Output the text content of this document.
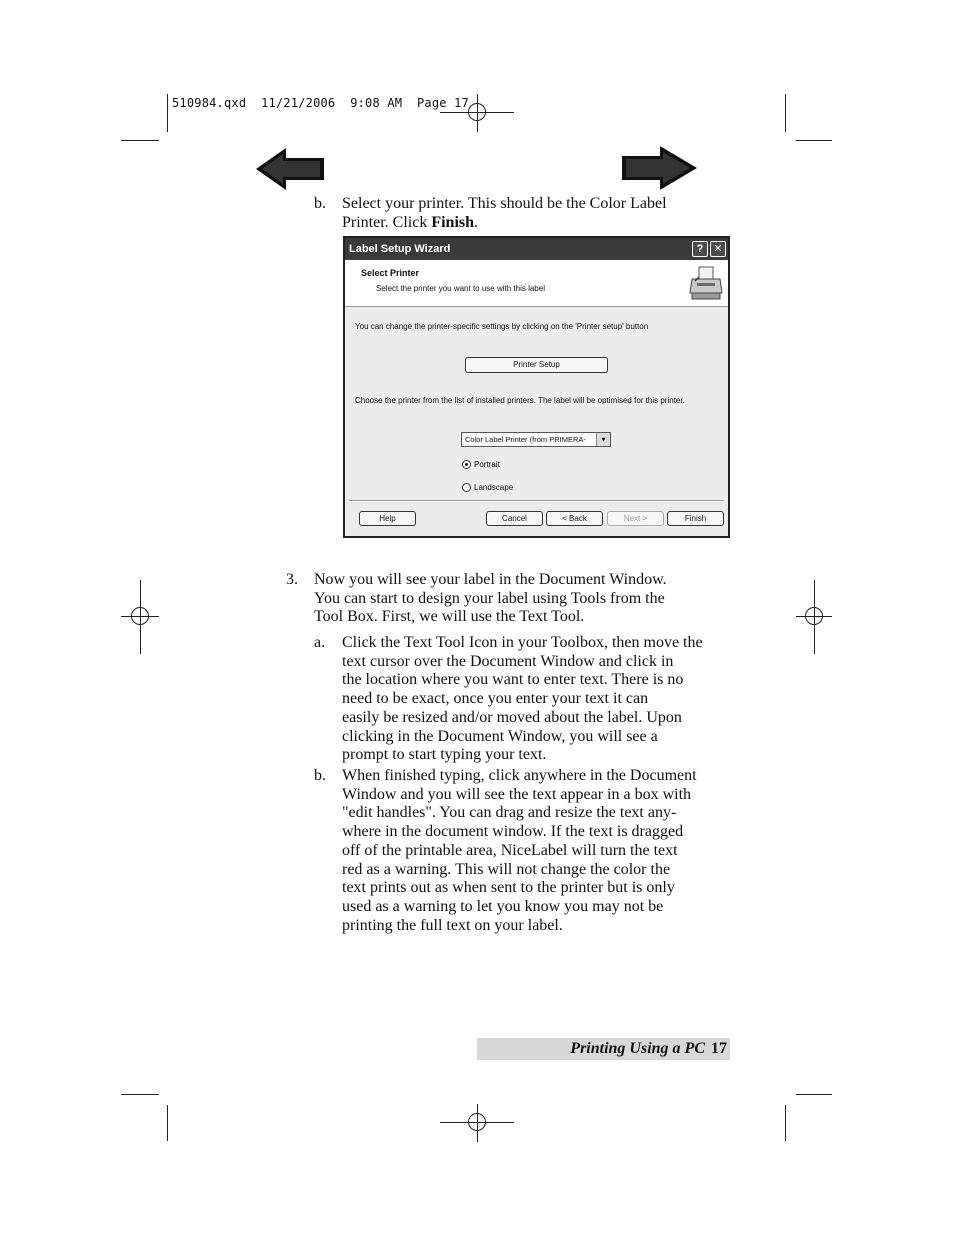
510984.qxd  11/21/2006  9:08 AM  Page 17
b. Select your printer. This should be the Color Label
Printer. Click Finish.
Label Setup Wizard	? ✕
Select Printer
Select the printer you want to use with this label
You can change the printer-specific settings by clicking on the 'Printer setup' button
Printer Setup
Choose the printer from the list of installed printers. The label will be optimised for this printer.
Color Label Printer (from PRIMERA-	▾
Portrait
Landscape
Help	Cancel	< Back	Next >	Finish
3. Now you will see your label in the Document Window.
You can start to design your label using Tools from the
Tool Box. First, we will use the Text Tool.
a. Click the Text Tool Icon in your Toolbox, then move the
text cursor over the Document Window and click in
the location where you want to enter text. There is no
need to be exact, once you enter your text it can
easily be resized and/or moved about the label. Upon
clicking in the Document Window, you will see a
prompt to start typing your text.
b. When finished typing, click anywhere in the Document
Window and you will see the text appear in a box with
"edit handles". You can drag and resize the text any-
where in the document window. If the text is dragged
off of the printable area, NiceLabel will turn the text
red as a warning. This will not change the color the
text prints out as when sent to the printer but is only
used as a warning to let you know you may not be
printing the full text on your label.
Printing Using a PC 17
